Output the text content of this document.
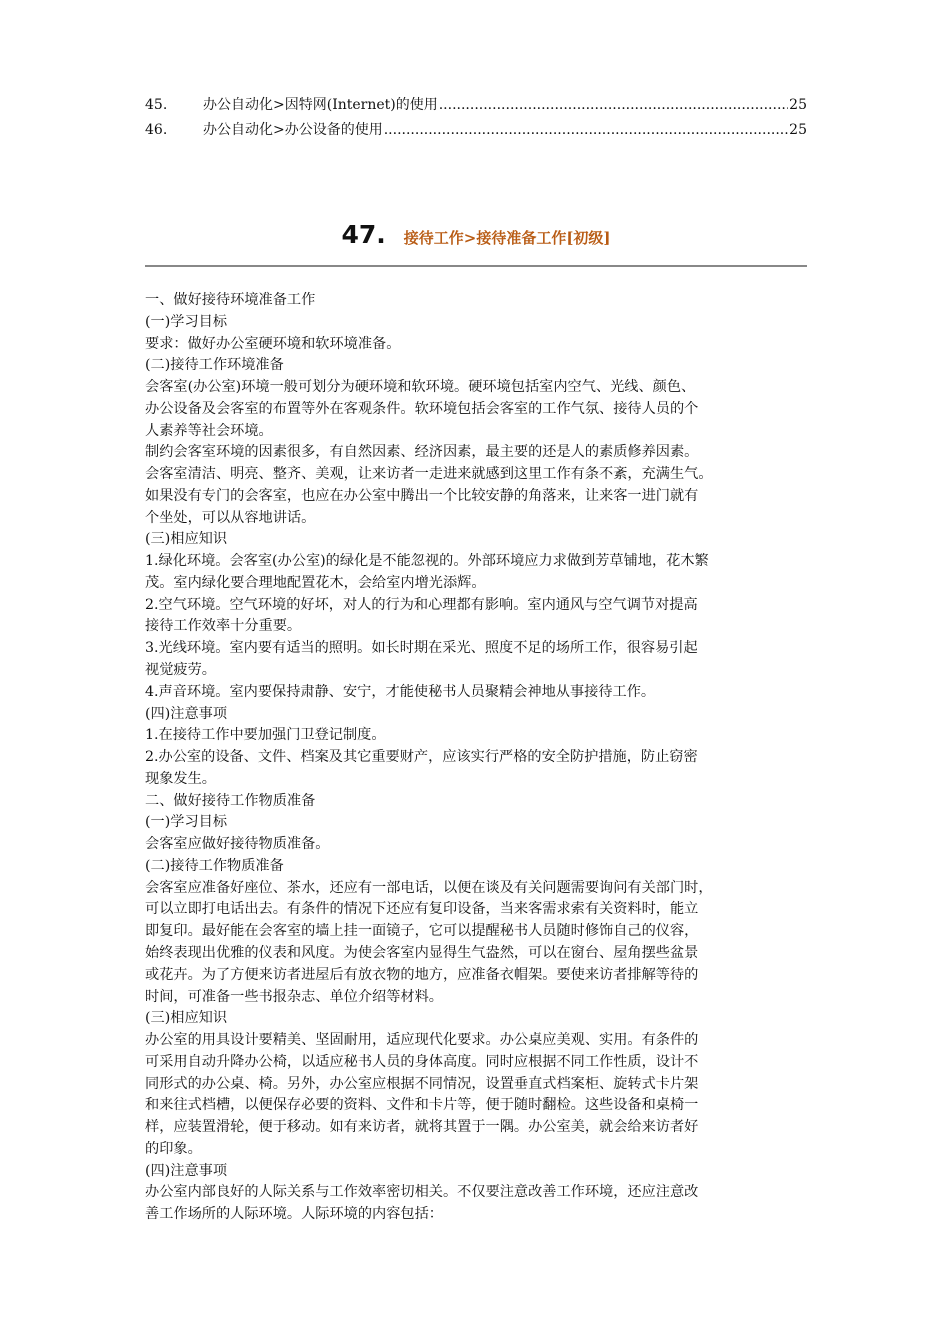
45.	办公自动化>因特网(Internet)的使用 .....	25
46.	办公自动化>办公设备的使用 .....	25
47. 接待工作>接待准备工作[初级]
一、做好接待环境准备工作
(一)学习目标
要求：做好办公室硬环境和软环境准备。
(二)接待工作环境准备
会客室(办公室)环境一般可划分为硬环境和软环境。硬环境包括室内空气、光线、颜色、
办公设备及会客室的布置等外在客观条件。软环境包括会客室的工作气氛、接待人员的个
人素养等社会环境。
制约会客室环境的因素很多，有自然因素、经济因素，最主要的还是人的素质修养因素。
会客室清洁、明亮、整齐、美观，让来访者一走进来就感到这里工作有条不紊，充满生气。
如果没有专门的会客室，也应在办公室中腾出一个比较安静的角落来，让来客一进门就有
个坐处，可以从容地讲话。
(三)相应知识
1.绿化环境。会客室(办公室)的绿化是不能忽视的。外部环境应力求做到芳草铺地，花木繁
茂。室内绿化要合理地配置花木，会给室内增光添辉。
2.空气环境。空气环境的好坏，对人的行为和心理都有影响。室内通风与空气调节对提高
接待工作效率十分重要。
3.光线环境。室内要有适当的照明。如长时期在采光、照度不足的场所工作，很容易引起
视觉疲劳。
4.声音环境。室内要保持肃静、安宁，才能使秘书人员聚精会神地从事接待工作。
(四)注意事项
1.在接待工作中要加强门卫登记制度。
2.办公室的设备、文件、档案及其它重要财产，应该实行严格的安全防护措施，防止窃密
现象发生。
二、做好接待工作物质准备
(一)学习目标
会客室应做好接待物质准备。
(二)接待工作物质准备
会客室应准备好座位、茶水，还应有一部电话，以便在谈及有关问题需要询问有关部门时，
可以立即打电话出去。有条件的情况下还应有复印设备，当来客需求索有关资料时，能立
即复印。最好能在会客室的墙上挂一面镜子，它可以提醒秘书人员随时修饰自己的仪容，
始终表现出优雅的仪表和风度。为使会客室内显得生气盎然，可以在窗台、屋角摆些盆景
或花卉。为了方便来访者进屋后有放衣物的地方，应准备衣帽架。要使来访者排解等待的
时间，可准备一些书报杂志、单位介绍等材料。
(三)相应知识
办公室的用具设计要精美、坚固耐用，适应现代化要求。办公桌应美观、实用。有条件的
可采用自动升降办公椅，以适应秘书人员的身体高度。同时应根据不同工作性质，设计不
同形式的办公桌、椅。另外，办公室应根据不同情况，设置垂直式档案柜、旋转式卡片架
和来往式档槽，以便保存必要的资料、文件和卡片等，便于随时翻检。这些设备和桌椅一
样，应装置滑轮，便于移动。如有来访者，就将其置于一隅。办公室美，就会给来访者好
的印象。
(四)注意事项
办公室内部良好的人际关系与工作效率密切相关。不仅要注意改善工作环境，还应注意改
善工作场所的人际环境。人际环境的内容包括：
